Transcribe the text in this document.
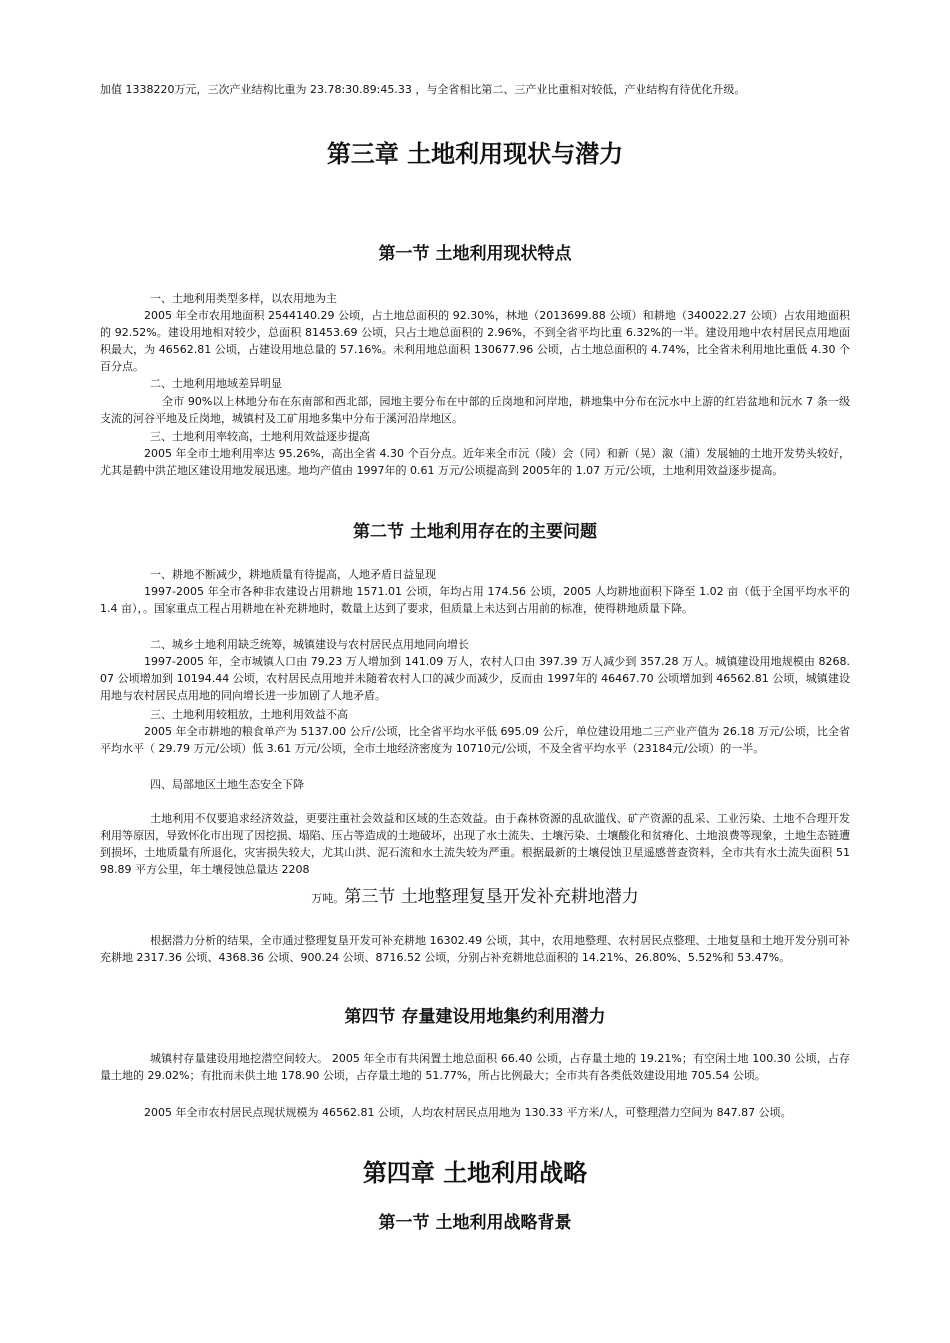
加值 1338220万元，三次产业结构比重为 23.78:30.89:45.33 ，与全省相比第二、三产业比重相对较低，产业结构有待优化升级。

第三章 土地利用现状与潜力
第一节 土地利用现状特点

一、土地利用类型多样，以农用地为主

2005 年全市农用地面积 2544140.29 公顷，占土地总面积的 92.30%，林地（2013699.88 公顷）和耕地（340022.27 公顷）占农用地面积的 92.52%。建设用地相对较少，总面积 81453.69 公顷，只占土地总面积的 2.96%，不到全省平均比重 6.32%的一半。建设用地中农村居民点用地面积最大，为 46562.81 公顷，占建设用地总量的 57.16%。未利用地总面积 130677.96 公顷，占土地总面积的 4.74%，比全省未利用地比重低 4.30 个百分点。

二、土地利用地域差异明显

全市 90%以上林地分布在东南部和西北部，园地主要分布在中部的丘岗地和河岸地，耕地集中分布在沅水中上游的红岩盆地和沅水 7 条一级支流的河谷平地及丘岗地，城镇村及工矿用地多集中分布于溪河沿岸地区。

三、土地利用率较高，土地利用效益逐步提高

2005 年全市土地利用率达 95.26%，高出全省 4.30 个百分点。近年来全市沅（陵）会（同）和新（晃）溆（浦）发展轴的土地开发势头较好，尤其是鹤中洪芷地区建设用地发展迅速。地均产值由 1997年的 0.61 万元/公顷提高到 2005年的 1.07 万元/公顷，土地利用效益逐步提高。

第二节 土地利用存在的主要问题

一、耕地不断减少，耕地质量有待提高，人地矛盾日益显现

1997-2005 年全市各种非农建设占用耕地 1571.01 公顷，年均占用 174.56 公顷，2005 人均耕地面积下降至 1.02 亩（低于全国平均水平的 1.4 亩），。国家重点工程占用耕地在补充耕地时，数量上达到了要求，但质量上未达到占用前的标准，使得耕地质量下降。

二、城乡土地利用缺乏统筹，城镇建设与农村居民点用地同向增长

1997-2005 年，全市城镇人口由 79.23 万人增加到 141.09 万人，农村人口由 397.39 万人减少到 357.28 万人。城镇建设用地规模由 8268.07 公顷增加到 10194.44 公顷，农村居民点用地并未随着农村人口的减少而减少，反而由 1997年的 46467.70 公顷增加到 46562.81 公顷，城镇建设用地与农村居民点用地的同向增长进一步加剧了人地矛盾。

三、土地利用较粗放，土地利用效益不高

2005 年全市耕地的粮食单产为 5137.00 公斤/公顷，比全省平均水平低 695.09 公斤，单位建设用地二三产业产值为 26.18 万元/公顷，比全省平均水平（ 29.79 万元/公顷）低 3.61 万元/公顷，全市土地经济密度为 10710元/公顷，不及全省平均水平（23184元/公顷）的一半。

四、局部地区土地生态安全下降

土地利用不仅要追求经济效益，更要注重社会效益和区域的生态效益。由于森林资源的乱砍滥伐、矿产资源的乱采、工业污染、土地不合理开发利用等原因，导致怀化市出现了因挖损、塌陷、压占等造成的土地破坏，出现了水土流失、土壤污染、土壤酸化和贫瘠化、土地浪费等现象，土地生态链遭到损坏，土地质量有所退化，灾害损失较大，尤其山洪、泥石流和水土流失较为严重。根据最新的土壤侵蚀卫星遥感普查资料，全市共有水土流失面积 5198.89 平方公里，年土壤侵蚀总量达 2208

万吨。第三节 土地整理复垦开发补充耕地潜力

根据潜力分析的结果，全市通过整理复垦开发可补充耕地 16302.49 公顷，其中，农用地整理、农村居民点整理、土地复垦和土地开发分别可补充耕地 2317.36 公顷、4368.36 公顷、900.24 公顷、8716.52 公顷，分别占补充耕地总面积的 14.21%、26.80%、5.52%和 53.47%。

第四节 存量建设用地集约利用潜力

城镇村存量建设用地挖潜空间较大。 2005 年全市有共闲置土地总面积 66.40 公顷，占存量土地的 19.21%；有空闲土地 100.30 公顷，占存量土地的 29.02%；有批而未供土地 178.90 公顷，占存量土地的 51.77%，所占比例最大；全市共有各类低效建设用地 705.54 公顷。

2005 年全市农村居民点现状规模为 46562.81 公顷，人均农村居民点用地为 130.33 平方米/人，可整理潜力空间为 847.87 公顷。

第四章 土地利用战略
第一节 土地利用战略背景
